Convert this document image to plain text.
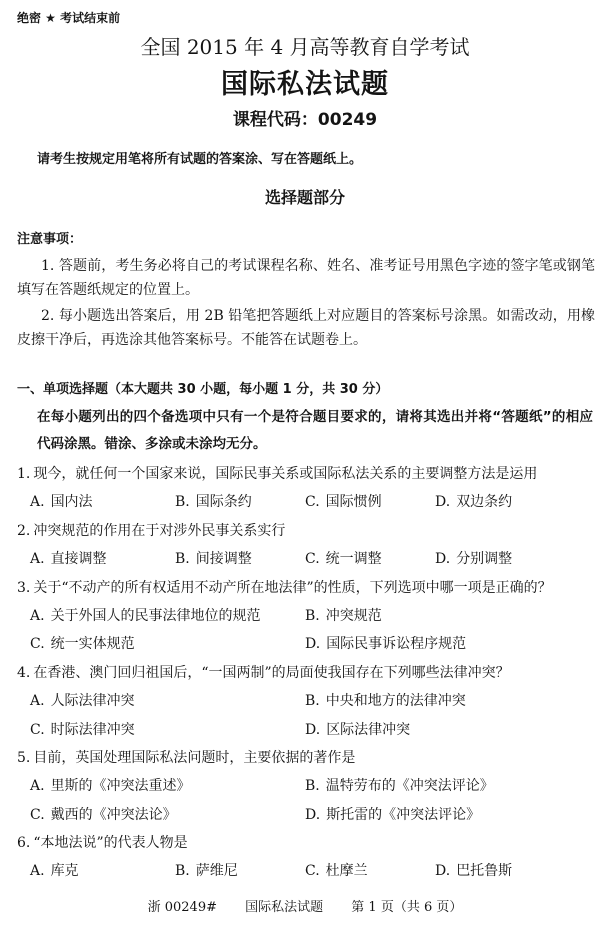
绝密 ★ 考试结束前
全国 2015 年 4 月高等教育自学考试
国际私法试题
课程代码：00249
请考生按规定用笔将所有试题的答案涂、写在答题纸上。
选择题部分
注意事项：
1. 答题前，考生务必将自己的考试课程名称、姓名、准考证号用黑色字迹的签字笔或钢笔填写在答题纸规定的位置上。
2. 每小题选出答案后，用 2B 铅笔把答题纸上对应题目的答案标号涂黑。如需改动，用橡皮擦干净后，再选涂其他答案标号。不能答在试题卷上。
一、单项选择题（本大题共 30 小题，每小题 1 分，共 30 分）
在每小题列出的四个备选项中只有一个是符合题目要求的，请将其选出并将“答题纸”的相应代码涂黑。错涂、多涂或未涂均无分。
1. 现今，就任何一个国家来说，国际民事关系或国际私法关系的主要调整方法是运用
A. 国内法	B. 国际条约	C. 国际惯例	D. 双边条约
2. 冲突规范的作用在于对涉外民事关系实行
A. 直接调整	B. 间接调整	C. 统一调整	D. 分别调整
3. 关于“不动产的所有权适用不动产所在地法律”的性质，下列选项中哪一项是正确的？
A. 关于外国人的民事法律地位的规范	B. 冲突规范
C. 统一实体规范	D. 国际民事诉讼程序规范
4. 在香港、澳门回归祖国后，“一国两制”的局面使我国存在下列哪些法律冲突？
A. 人际法律冲突	B. 中央和地方的法律冲突
C. 时际法律冲突	D. 区际法律冲突
5. 目前，英国处理国际私法问题时，主要依据的著作是
A. 里斯的《冲突法重述》	B. 温特劳布的《冲突法评论》
C. 戴西的《冲突法论》	D. 斯托雷的《冲突法评论》
6. “本地法说”的代表人物是
A. 库克	B. 萨维尼	C. 杜摩兰	D. 巴托鲁斯
浙 00249# 国际私法试题 第 1 页（共 6 页）
